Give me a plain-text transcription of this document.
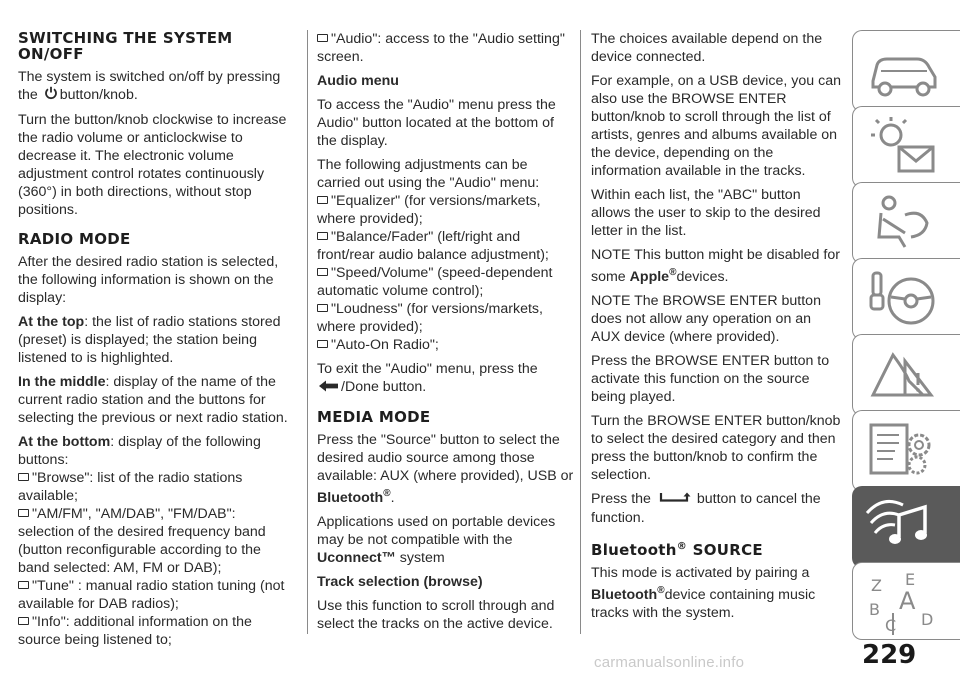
SWITCHING THE SYSTEM ON/OFF

The system is switched on/off by pressing the button/knob.

Turn the button/knob clockwise to increase the radio volume or anticlockwise to decrease it. The electronic volume adjustment control rotates continuously (360°) in both directions, without stop positions.

RADIO MODE

After the desired radio station is selected, the following information is shown on the display:

At the top: the list of radio stations stored (preset) is displayed; the station being listened to is highlighted.

In the middle: display of the name of the current radio station and the buttons for selecting the previous or next radio station.

At the bottom: display of the following buttons:

"Browse": list of the radio stations available;
"AM/FM", "AM/DAB", "FM/DAB": selection of the desired frequency band (button reconfigurable according to the band selected: AM, FM or DAB);
"Tune" : manual radio station tuning (not available for DAB radios);
"Info": additional information on the source being listened to;

"Audio": access to the "Audio setting" screen.

Audio menu

To access the "Audio" menu press the Audio" button located at the bottom of the display.

The following adjustments can be carried out using the "Audio" menu:

"Equalizer" (for versions/markets, where provided);
"Balance/Fader" (left/right and front/rear audio balance adjustment);
"Speed/Volume" (speed-dependent automatic volume control);
"Loudness" (for versions/markets, where provided);
"Auto-On Radio";

To exit the "Audio" menu, press the
/Done button.

MEDIA MODE

Press the "Source" button to select the desired audio source among those available: AUX (where provided), USB or Bluetooth®.

Applications used on portable devices may be not compatible with the Uconnect™ system

Track selection (browse)

Use this function to scroll through and select the tracks on the active device.

The choices available depend on the device connected.

For example, on a USB device, you can also use the BROWSE ENTER button/knob to scroll through the list of artists, genres and albums available on the device, depending on the information available in the tracks.

Within each list, the "ABC" button allows the user to skip to the desired letter in the list.

NOTE This button might be disabled for some Apple®devices.

NOTE The BROWSE ENTER button does not allow any operation on an AUX device (where provided).

Press the BROWSE ENTER button to activate this function on the source being played.

Turn the BROWSE ENTER button/knob to select the desired category and then press the button/knob to confirm the selection.

Press the	button to cancel the function.

Bluetooth® SOURCE

This mode is activated by pairing a Bluetooth®device containing music tracks with the system.

Z E
A
B
C D
229
carmanualsonline.info
